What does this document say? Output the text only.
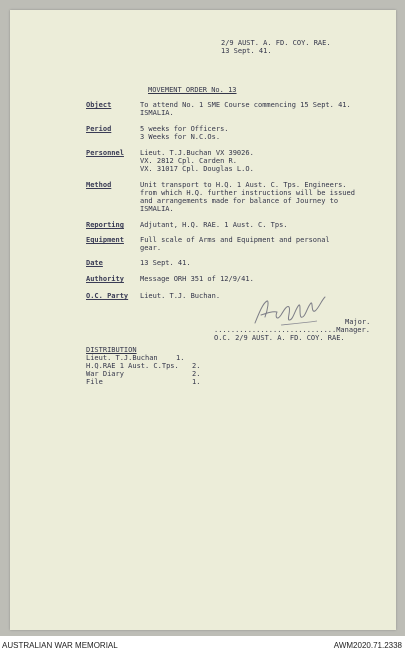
2/9 AUST. A. FD. COY. RAE.
13 Sept. 41.
MOVEMENT ORDER No. 13
Object	To attend No. 1 SME Course commencing 15 Sept. 41.
ISMALIA.
Period	5 weeks for Officers.
3 Weeks for N.C.Os.
Personnel Lieut. T.J.Buchan VX 39026.
VX. 2812 Cpl. Carden R.
VX. 31017 Cpl. Douglas L.O.
Method	Unit transport to H.Q. 1 Aust. C. Tps. Engineers.
from which H.Q. further instructions will be issued
and arrangements made for balance of Journey to
ISMALIA.
Reporting Adjutant, H.Q. RAE. 1 Aust. C. Tps.
Equipment Full scale of Arms and Equipment and personal
gear.
Date	13 Sept. 41.
Authority Message ORH 351 of 12/9/41.
O.C. Party Lieut. T.J. Buchan.
Major.
.............................Manager.
O.C. 2/9 AUST. A. FD. COY. RAE.
DISTRIBUTION
Lieut. T.J.Buchan	1.
H.Q.RAE 1 Aust. C.Tps. 2.
War Diary	2.
File	1.
AUSTRALIAN WAR MEMORIAL	AWM2020.71.2338
